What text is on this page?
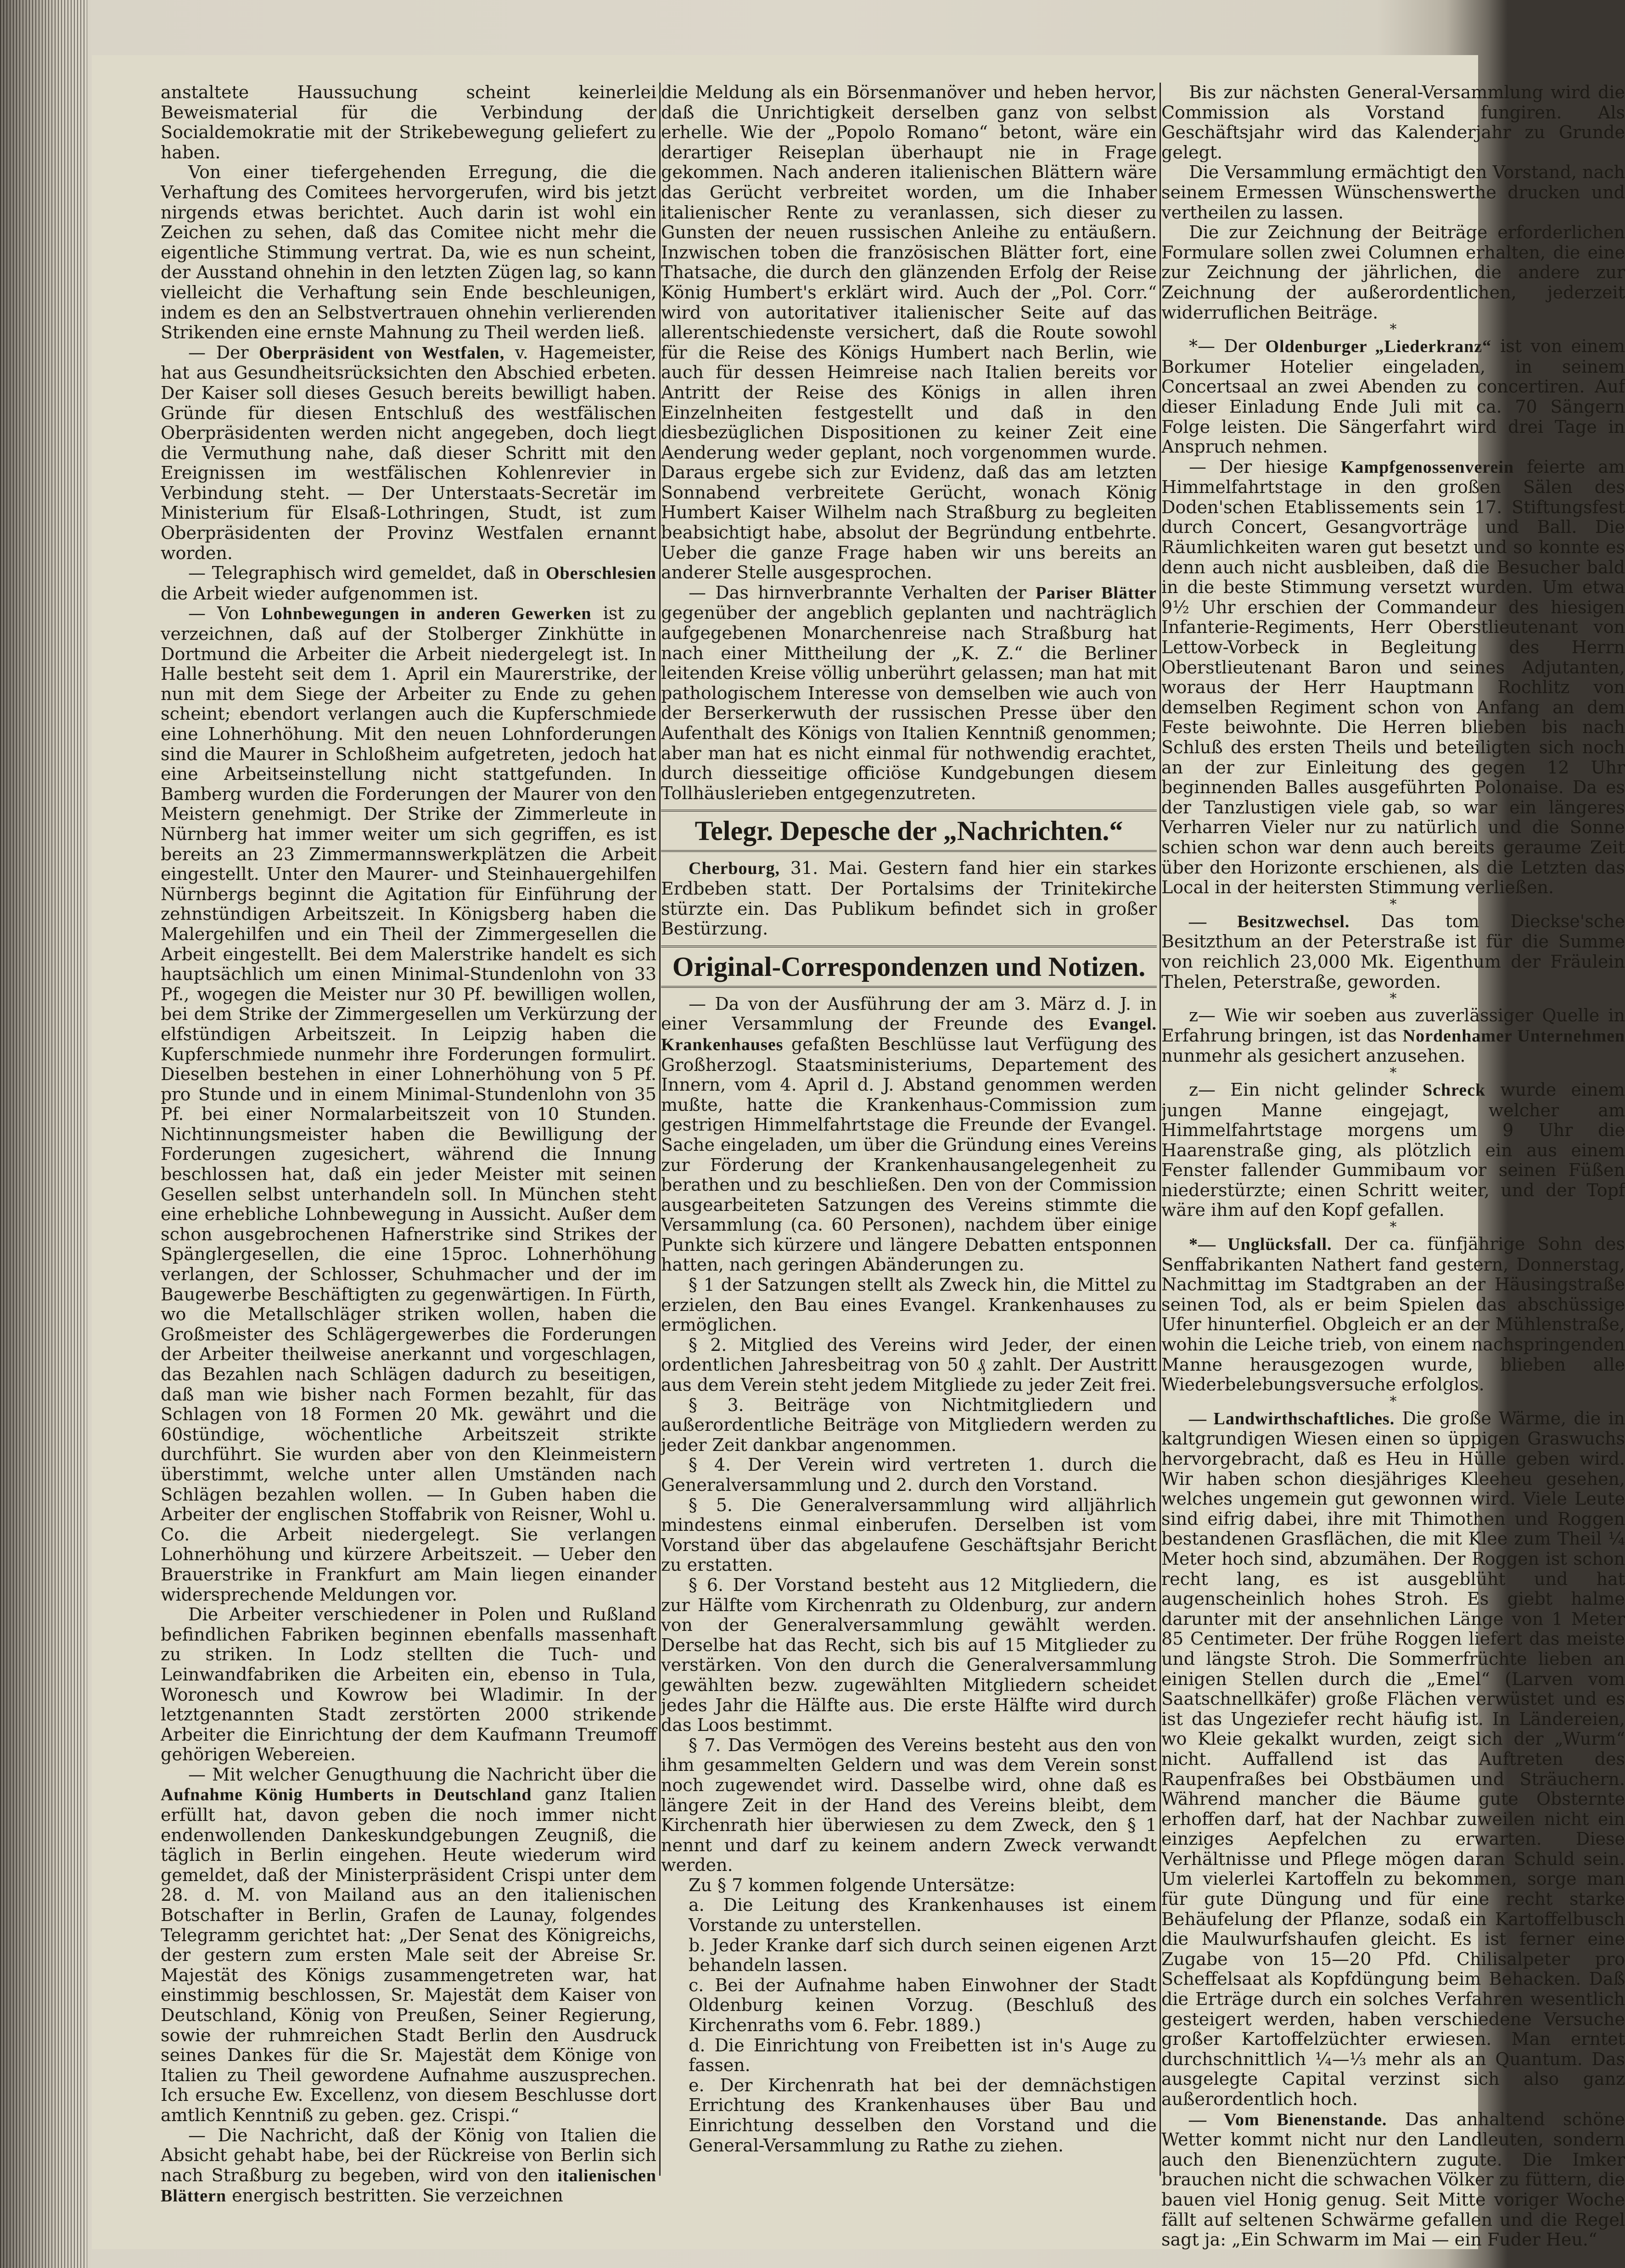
anstaltete Haussuchung scheint keinerlei Beweismaterial für die Verbindung der Socialdemokratie mit der Strikebewegung geliefert zu haben.

Von einer tiefergehenden Erregung, die die Verhaftung des Comitees hervorgerufen, wird bis jetzt nirgends etwas berichtet. Auch darin ist wohl ein Zeichen zu sehen, daß das Comitee nicht mehr die eigentliche Stimmung vertrat. Da, wie es nun scheint, der Ausstand ohnehin in den letzten Zügen lag, so kann vielleicht die Verhaftung sein Ende beschleunigen, indem es den an Selbstvertrauen ohnehin verlierenden Strikenden eine ernste Mahnung zu Theil werden ließ.

— Der Oberpräsident von Westfalen, v. Hagemeister, hat aus Gesundheitsrücksichten den Abschied erbeten. Der Kaiser soll dieses Gesuch bereits bewilligt haben. Gründe für diesen Entschluß des westfälischen Oberpräsidenten werden nicht angegeben, doch liegt die Vermuthung nahe, daß dieser Schritt mit den Ereignissen im westfälischen Kohlenrevier in Verbindung steht. — Der Unterstaats-Secretär im Ministerium für Elsaß-Lothringen, Studt, ist zum Oberpräsidenten der Provinz Westfalen ernannt worden.

— Telegraphisch wird gemeldet, daß in Oberschlesien die Arbeit wieder aufgenommen ist.

— Von Lohnbewegungen in anderen Gewerken ist zu verzeichnen, daß auf der Stolberger Zinkhütte in Dortmund die Arbeiter die Arbeit niedergelegt ist. In Halle besteht seit dem 1. April ein Maurerstrike, der nun mit dem Siege der Arbeiter zu Ende zu gehen scheint; ebendort verlangen auch die Kupferschmiede eine Lohnerhöhung. Mit den neuen Lohnforderungen sind die Maurer in Schloßheim aufgetreten, jedoch hat eine Arbeitseinstellung nicht stattgefunden. In Bamberg wurden die Forderungen der Maurer von den Meistern genehmigt. Der Strike der Zimmerleute in Nürnberg hat immer weiter um sich gegriffen, es ist bereits an 23 Zimmermannswerkplätzen die Arbeit eingestellt. Unter den Maurer- und Steinhauergehilfen Nürnbergs beginnt die Agitation für Einführung der zehnstündigen Arbeitszeit. In Königsberg haben die Malergehilfen und ein Theil der Zimmergesellen die Arbeit eingestellt. Bei dem Malerstrike handelt es sich hauptsächlich um einen Minimal-Stundenlohn von 33 Pf., wogegen die Meister nur 30 Pf. bewilligen wollen, bei dem Strike der Zimmergesellen um Verkürzung der elfstündigen Arbeitszeit. In Leipzig haben die Kupferschmiede nunmehr ihre Forderungen formulirt. Dieselben bestehen in einer Lohnerhöhung von 5 Pf. pro Stunde und in einem Minimal-Stundenlohn von 35 Pf. bei einer Normalarbeitszeit von 10 Stunden. Nichtinnungsmeister haben die Bewilligung der Forderungen zugesichert, während die Innung beschlossen hat, daß ein jeder Meister mit seinen Gesellen selbst unterhandeln soll. In München steht eine erhebliche Lohnbewegung in Aussicht. Außer dem schon ausgebrochenen Hafnerstrike sind Strikes der Spänglergesellen, die eine 15proc. Lohnerhöhung verlangen, der Schlosser, Schuhmacher und der im Baugewerbe Beschäftigten zu gegenwärtigen. In Fürth, wo die Metallschläger striken wollen, haben die Großmeister des Schlägergewerbes die Forderungen der Arbeiter theilweise anerkannt und vorgeschlagen, das Bezahlen nach Schlägen dadurch zu beseitigen, daß man wie bisher nach Formen bezahlt, für das Schlagen von 18 Formen 20 Mk. gewährt und die 60stündige, wöchentliche Arbeitszeit strikte durchführt. Sie wurden aber von den Kleinmeistern überstimmt, welche unter allen Umständen nach Schlägen bezahlen wollen. — In Guben haben die Arbeiter der englischen Stoffabrik von Reisner, Wohl u. Co. die Arbeit niedergelegt. Sie verlangen Lohnerhöhung und kürzere Arbeitszeit. — Ueber den Brauerstrike in Frankfurt am Main liegen einander widersprechende Meldungen vor.

Die Arbeiter verschiedener in Polen und Rußland befindlichen Fabriken beginnen ebenfalls massenhaft zu striken. In Lodz stellten die Tuch- und Leinwandfabriken die Arbeiten ein, ebenso in Tula, Woronesch und Kowrow bei Wladimir. In der letztgenannten Stadt zerstörten 2000 strikende Arbeiter die Einrichtung der dem Kaufmann Treumoff gehörigen Webereien.

— Mit welcher Genugthuung die Nachricht über die Aufnahme König Humberts in Deutschland ganz Italien erfüllt hat, davon geben die noch immer nicht endenwollenden Dankeskundgebungen Zeugniß, die täglich in Berlin eingehen. Heute wiederum wird gemeldet, daß der Ministerpräsident Crispi unter dem 28. d. M. von Mailand aus an den italienischen Botschafter in Berlin, Grafen de Launay, folgendes Telegramm gerichtet hat: „Der Senat des Königreichs, der gestern zum ersten Male seit der Abreise Sr. Majestät des Königs zusammengetreten war, hat einstimmig beschlossen, Sr. Majestät dem Kaiser von Deutschland, König von Preußen, Seiner Regierung, sowie der ruhmreichen Stadt Berlin den Ausdruck seines Dankes für die Sr. Majestät dem Könige von Italien zu Theil gewordene Aufnahme auszusprechen. Ich ersuche Ew. Excellenz, von diesem Beschlusse dort amtlich Kenntniß zu geben. gez. Crispi.“

— Die Nachricht, daß der König von Italien die Absicht gehabt habe, bei der Rückreise von Berlin sich nach Straßburg zu begeben, wird von den italienischen Blättern energisch bestritten. Sie verzeichnen

die Meldung als ein Börsenmanöver und heben hervor, daß die Unrichtigkeit derselben ganz von selbst erhelle. Wie der „Popolo Romano“ betont, wäre ein derartiger Reiseplan überhaupt nie in Frage gekommen. Nach anderen italienischen Blättern wäre das Gerücht verbreitet worden, um die Inhaber italienischer Rente zu veranlassen, sich dieser zu Gunsten der neuen russischen Anleihe zu entäußern. Inzwischen toben die französischen Blätter fort, eine Thatsache, die durch den glänzenden Erfolg der Reise König Humbert's erklärt wird. Auch der „Pol. Corr.“ wird von autoritativer italienischer Seite auf das allerentschiedenste versichert, daß die Route sowohl für die Reise des Königs Humbert nach Berlin, wie auch für dessen Heimreise nach Italien bereits vor Antritt der Reise des Königs in allen ihren Einzelnheiten festgestellt und daß in den diesbezüglichen Dispositionen zu keiner Zeit eine Aenderung weder geplant, noch vorgenommen wurde. Daraus ergebe sich zur Evidenz, daß das am letzten Sonnabend verbreitete Gerücht, wonach König Humbert Kaiser Wilhelm nach Straßburg zu begleiten beabsichtigt habe, absolut der Begründung entbehrte. Ueber die ganze Frage haben wir uns bereits an anderer Stelle ausgesprochen.

— Das hirnverbrannte Verhalten der Pariser Blätter gegenüber der angeblich geplanten und nachträglich aufgegebenen Monarchenreise nach Straßburg hat nach einer Mittheilung der „K. Z.“ die Berliner leitenden Kreise völlig unberührt gelassen; man hat mit pathologischem Interesse von demselben wie auch von der Berserkerwuth der russischen Presse über den Aufenthalt des Königs von Italien Kenntniß genommen; aber man hat es nicht einmal für nothwendig erachtet, durch diesseitige officiöse Kundgebungen diesem Tollhäuslerieben entgegenzutreten.

Telegr. Depesche der „Nachrichten.“

Cherbourg, 31. Mai. Gestern fand hier ein starkes Erdbeben statt. Der Portalsims der Trinitekirche stürzte ein. Das Publikum befindet sich in großer Bestürzung.

Original-Correspondenzen und Notizen.

— Da von der Ausführung der am 3. März d. J. in einer Versammlung der Freunde des Evangel. Krankenhauses gefaßten Beschlüsse laut Verfügung des Großherzogl. Staatsministeriums, Departement des Innern, vom 4. April d. J. Abstand genommen werden mußte, hatte die Krankenhaus-Commission zum gestrigen Himmelfahrtstage die Freunde der Evangel. Sache eingeladen, um über die Gründung eines Vereins zur Förderung der Krankenhausangelegenheit zu berathen und zu beschließen. Den von der Commission ausgearbeiteten Satzungen des Vereins stimmte die Versammlung (ca. 60 Personen), nachdem über einige Punkte sich kürzere und längere Debatten entsponnen hatten, nach geringen Abänderungen zu.

§ 1 der Satzungen stellt als Zweck hin, die Mittel zu erzielen, den Bau eines Evangel. Krankenhauses zu ermöglichen.

§ 2. Mitglied des Vereins wird Jeder, der einen ordentlichen Jahresbeitrag von 50 ₰ zahlt. Der Austritt aus dem Verein steht jedem Mitgliede zu jeder Zeit frei.

§ 3. Beiträge von Nichtmitgliedern und außerordentliche Beiträge von Mitgliedern werden zu jeder Zeit dankbar angenommen.

§ 4. Der Verein wird vertreten 1. durch die Generalversammlung und 2. durch den Vorstand.

§ 5. Die Generalversammlung wird alljährlich mindestens einmal einberufen. Derselben ist vom Vorstand über das abgelaufene Geschäftsjahr Bericht zu erstatten.

§ 6. Der Vorstand besteht aus 12 Mitgliedern, die zur Hälfte vom Kirchenrath zu Oldenburg, zur andern von der Generalversammlung gewählt werden. Derselbe hat das Recht, sich bis auf 15 Mitglieder zu verstärken. Von den durch die Generalversammlung gewählten bezw. zugewählten Mitgliedern scheidet jedes Jahr die Hälfte aus. Die erste Hälfte wird durch das Loos bestimmt.

§ 7. Das Vermögen des Vereins besteht aus den von ihm gesammelten Geldern und was dem Verein sonst noch zugewendet wird. Dasselbe wird, ohne daß es längere Zeit in der Hand des Vereins bleibt, dem Kirchenrath hier überwiesen zu dem Zweck, den § 1 nennt und darf zu keinem andern Zweck verwandt werden.

Zu § 7 kommen folgende Untersätze:

a. Die Leitung des Krankenhauses ist einem Vorstande zu unterstellen.

b. Jeder Kranke darf sich durch seinen eigenen Arzt behandeln lassen.

c. Bei der Aufnahme haben Einwohner der Stadt Oldenburg keinen Vorzug. (Beschluß des Kirchenraths vom 6. Febr. 1889.)

d. Die Einrichtung von Freibetten ist in's Auge zu fassen.

e. Der Kirchenrath hat bei der demnächstigen Errichtung des Krankenhauses über Bau und Einrichtung desselben den Vorstand und die General-Versammlung zu Rathe zu ziehen.

Bis zur nächsten General-Versammlung wird die Commission als Vorstand fungiren. Als Geschäftsjahr wird das Kalenderjahr zu Grunde gelegt.

Die Versammlung ermächtigt den Vorstand, nach seinem Ermessen Wünschenswerthe drucken und vertheilen zu lassen.

Die zur Zeichnung der Beiträge erforderlichen Formulare sollen zwei Columnen erhalten, die eine zur Zeichnung der jährlichen, die andere zur Zeichnung der außerordentlichen, jederzeit widerruflichen Beiträge.

*

*— Der Oldenburger „Liederkranz“ ist von einem Borkumer Hotelier eingeladen, in seinem Concertsaal an zwei Abenden zu concertiren. Auf dieser Einladung Ende Juli mit ca. 70 Sängern Folge leisten. Die Sängerfahrt wird drei Tage in Anspruch nehmen.

— Der hiesige Kampfgenossenverein feierte am Himmelfahrtstage in den großen Sälen des Doden'schen Etablissements sein 17. Stiftungsfest durch Concert, Gesangvorträge und Ball. Die Räumlichkeiten waren gut besetzt und so konnte es denn auch nicht ausbleiben, daß die Besucher bald in die beste Stimmung versetzt wurden. Um etwa 9½ Uhr erschien der Commandeur des hiesigen Infanterie-Regiments, Herr Oberstlieutenant von Lettow-Vorbeck in Begleitung des Herrn Oberstlieutenant Baron und seines Adjutanten, woraus der Herr Hauptmann Rochlitz von demselben Regiment schon von Anfang an dem Feste beiwohnte. Die Herren blieben bis nach Schluß des ersten Theils und beteiligten sich noch an der zur Einleitung des gegen 12 Uhr beginnenden Balles ausgeführten Polonaise. Da es der Tanzlustigen viele gab, so war ein längeres Verharren Vieler nur zu natürlich und die Sonne schien schon war denn auch bereits geraume Zeit über den Horizonte erschienen, als die Letzten das Local in der heitersten Stimmung verließen.

*

— Besitzwechsel. Das tom Dieckse'sche Besitzthum an der Peterstraße ist für die Summe von reichlich 23,000 Mk. Eigenthum der Fräulein Thelen, Peterstraße, geworden.

*

z— Wie wir soeben aus zuverlässiger Quelle in Erfahrung bringen, ist das Nordenhamer Unternehmen nunmehr als gesichert anzusehen.

*

z— Ein nicht gelinder Schreck wurde einem jungen Manne eingejagt, welcher am Himmelfahrtstage morgens um 9 Uhr die Haarenstraße ging, als plötzlich ein aus einem Fenster fallender Gummibaum vor seinen Füßen niederstürzte; einen Schritt weiter, und der Topf wäre ihm auf den Kopf gefallen.

*

*— Unglücksfall. Der ca. fünfjährige Sohn des Senffabrikanten Nathert fand gestern, Donnerstag, Nachmittag im Stadtgraben an der Häusingstraße seinen Tod, als er beim Spielen das abschüssige Ufer hinunterfiel. Obgleich er an der Mühlenstraße, wohin die Leiche trieb, von einem nachspringenden Manne herausgezogen wurde, blieben alle Wiederbelebungsversuche erfolglos.

*

— Landwirthschaftliches. Die große Wärme, die in kaltgrundigen Wiesen einen so üppigen Graswuchs hervorgebracht, daß es Heu in Hülle geben wird. Wir haben schon diesjähriges Kleeheu gesehen, welches ungemein gut gewonnen wird. Viele Leute sind eifrig dabei, ihre mit Thimothen und Roggen bestandenen Grasflächen, die mit Klee zum Theil ¼ Meter hoch sind, abzumähen. Der Roggen ist schon recht lang, es ist ausgeblüht und hat augenscheinlich hohes Stroh. Es giebt halme darunter mit der ansehnlichen Länge von 1 Meter 85 Centimeter. Der frühe Roggen liefert das meiste und längste Stroh. Die Sommerfrüchte lieben an einigen Stellen durch die „Emel“ (Larven vom Saatschnellkäfer) große Flächen verwüstet und es ist das Ungeziefer recht häufig ist. In Ländereien, wo Kleie gekalkt wurden, zeigt sich der „Wurm“ nicht. Auffallend ist das Auftreten des Raupenfraßes bei Obstbäumen und Sträuchern. Während mancher die Bäume gute Obsternte erhoffen darf, hat der Nachbar zuweilen nicht ein einziges Aepfelchen zu erwarten. Diese Verhältnisse und Pflege mögen daran Schuld sein. Um vielerlei Kartoffeln zu bekommen, sorge man für gute Düngung und für eine recht starke Behäufelung der Pflanze, sodaß ein Kartoffelbusch die Maulwurfshaufen gleicht. Es ist ferner eine Zugabe von 15—20 Pfd. Chilisalpeter pro Scheffelsaat als Kopfdüngung beim Behacken. Daß die Erträge durch ein solches Verfahren wesentlich gesteigert werden, haben verschiedene Versuche großer Kartoffelzüchter erwiesen. Man erntet durchschnittlich ¼—⅓ mehr als an Quantum. Das ausgelegte Capital verzinst sich also ganz außerordentlich hoch.

— Vom Bienenstande. Das anhaltend schöne Wetter kommt nicht nur den Landleuten, sondern auch den Bienenzüchtern zugute. Die Imker brauchen nicht die schwachen Völker zu füttern, die bauen viel Honig genug. Seit Mitte voriger Woche fällt auf seltenen Schwärme gefallen und die Regel sagt ja: „Ein Schwarm im Mai — ein Fuder Heu.“
